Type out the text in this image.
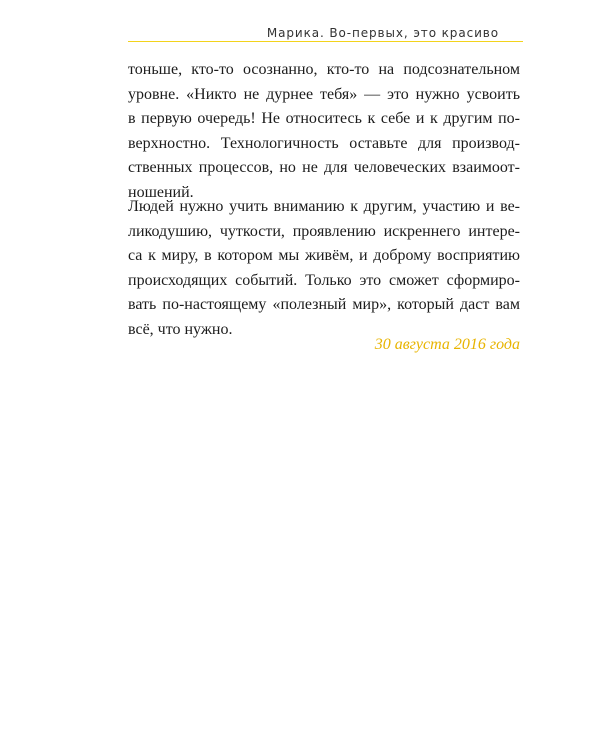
Марика. Во-первых, это красиво
тоньше, кто-то осознанно, кто-то на подсознательном
уровне. «Никто не дурнее тебя» — это нужно усвоить
в первую очередь! Не относитесь к себе и к другим по-
верхностно. Технологичность оставьте для производ-
ственных процессов, но не для человеческих взаимоот-
ношений.
Людей нужно учить вниманию к другим, участию и ве-
ликодушию, чуткости, проявлению искреннего интере-
са к миру, в котором мы живём, и доброму восприятию
происходящих событий. Только это сможет сформиро-
вать по-настоящему «полезный мир», который даст вам
всё, что нужно.
30 августа 2016 года
